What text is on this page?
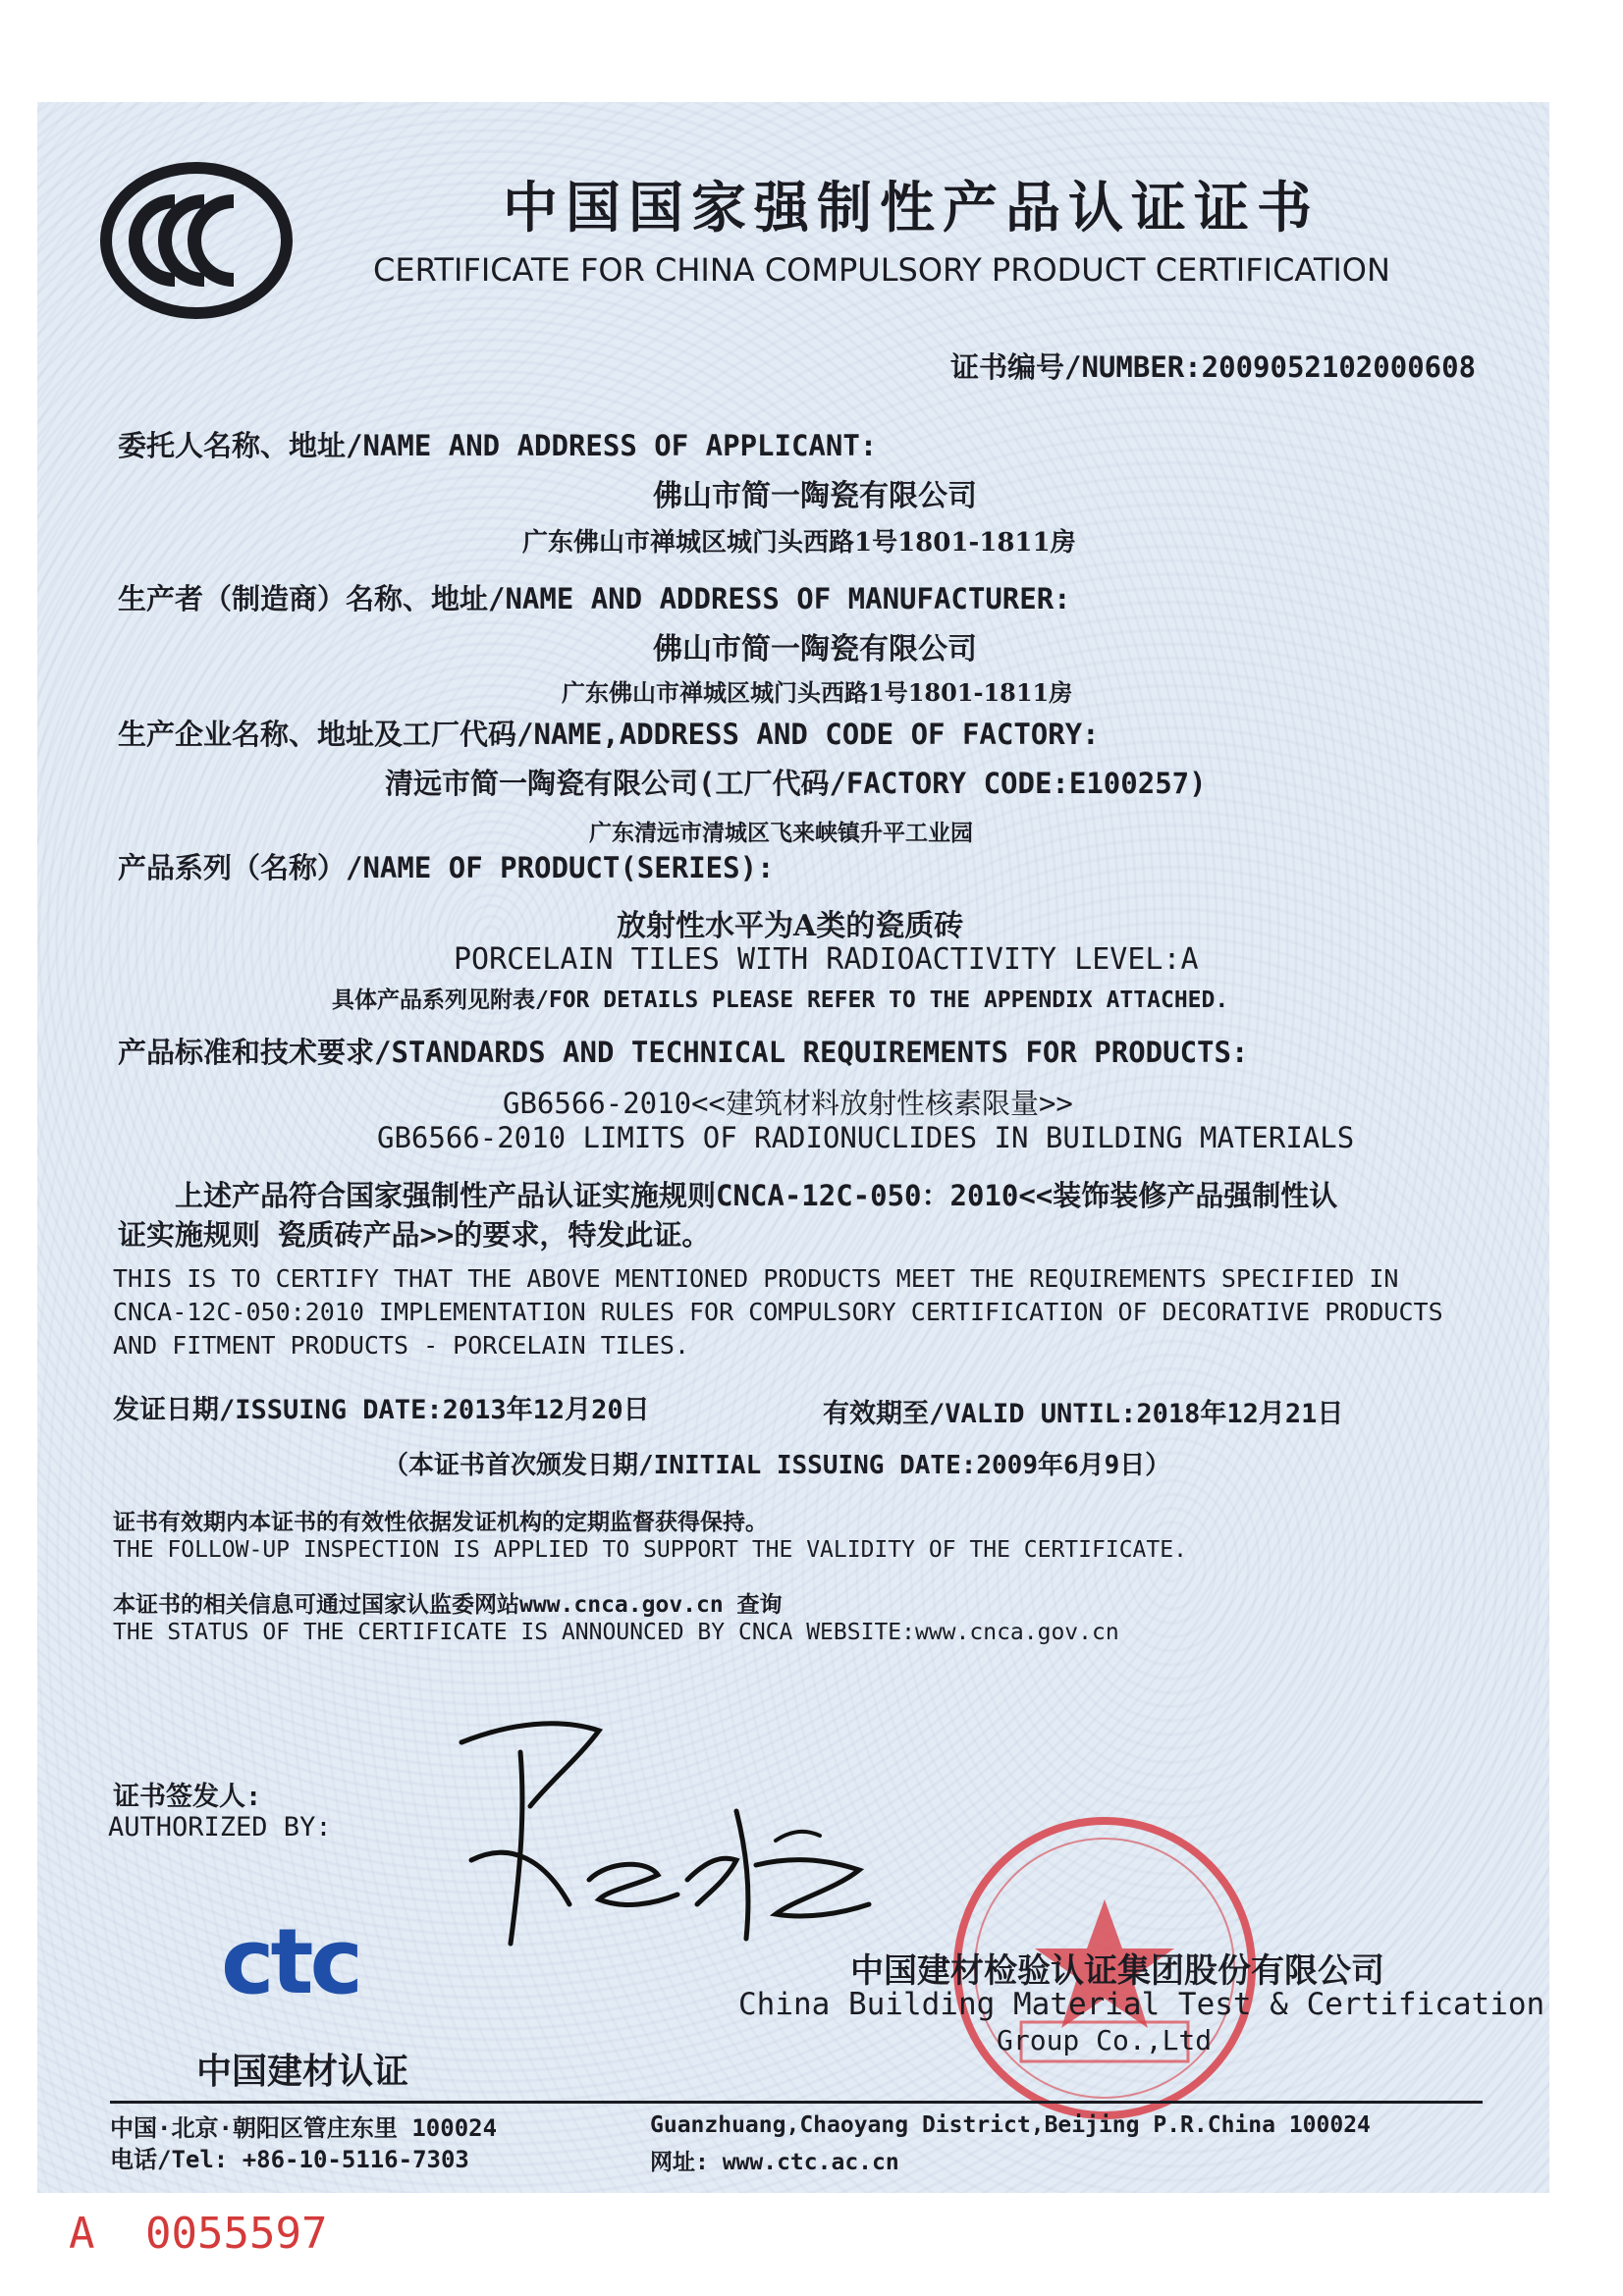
中国国家强制性产品认证证书
CERTIFICATE FOR CHINA COMPULSORY PRODUCT CERTIFICATION
证书编号/NUMBER:2009052102000608
委托人名称、地址/NAME AND ADDRESS OF APPLICANT:
佛山市简一陶瓷有限公司
广东佛山市禅城区城门头西路1号1801-1811房
生产者（制造商）名称、地址/NAME AND ADDRESS OF MANUFACTURER:
佛山市简一陶瓷有限公司
广东佛山市禅城区城门头西路1号1801-1811房
生产企业名称、地址及工厂代码/NAME,ADDRESS AND CODE OF FACTORY:
清远市简一陶瓷有限公司(工厂代码/FACTORY CODE:E100257)
广东清远市清城区飞来峡镇升平工业园
产品系列（名称）/NAME OF PRODUCT(SERIES):
放射性水平为A类的瓷质砖
PORCELAIN TILES WITH RADIOACTIVITY LEVEL:A
具体产品系列见附表/FOR DETAILS PLEASE REFER TO THE APPENDIX ATTACHED.
产品标准和技术要求/STANDARDS AND TECHNICAL REQUIREMENTS FOR PRODUCTS:
GB6566-2010<<建筑材料放射性核素限量>>
GB6566-2010 LIMITS OF RADIONUCLIDES IN BUILDING MATERIALS
上述产品符合国家强制性产品认证实施规则CNCA-12C-050：2010<<装饰装修产品强制性认
证实施规则 瓷质砖产品>>的要求，特发此证。
THIS IS TO CERTIFY THAT THE ABOVE MENTIONED PRODUCTS MEET THE REQUIREMENTS SPECIFIED IN
CNCA-12C-050:2010 IMPLEMENTATION RULES FOR COMPULSORY CERTIFICATION OF DECORATIVE PRODUCTS
AND FITMENT PRODUCTS - PORCELAIN TILES.
发证日期/ISSUING DATE:2013年12月20日	有效期至/VALID UNTIL:2018年12月21日
（本证书首次颁发日期/INITIAL ISSUING DATE:2009年6月9日）
证书有效期内本证书的有效性依据发证机构的定期监督获得保持。
THE FOLLOW-UP INSPECTION IS APPLIED TO SUPPORT THE VALIDITY OF THE CERTIFICATE.
本证书的相关信息可通过国家认监委网站www.cnca.gov.cn 查询
THE STATUS OF THE CERTIFICATE IS ANNOUNCED BY CNCA WEBSITE:www.cnca.gov.cn
证书签发人:
AUTHORIZED BY:
ctc
中国建材认证
中国建材检验认证集团股份有限公司
China Building Material Test & Certification
Group Co.,Ltd
中国·北京·朝阳区管庄东里 100024
电话/Tel: +86-10-5116-7303
Guanzhuang,Chaoyang District,Beijing P.R.China 100024
网址: www.ctc.ac.cn
A 0055597
